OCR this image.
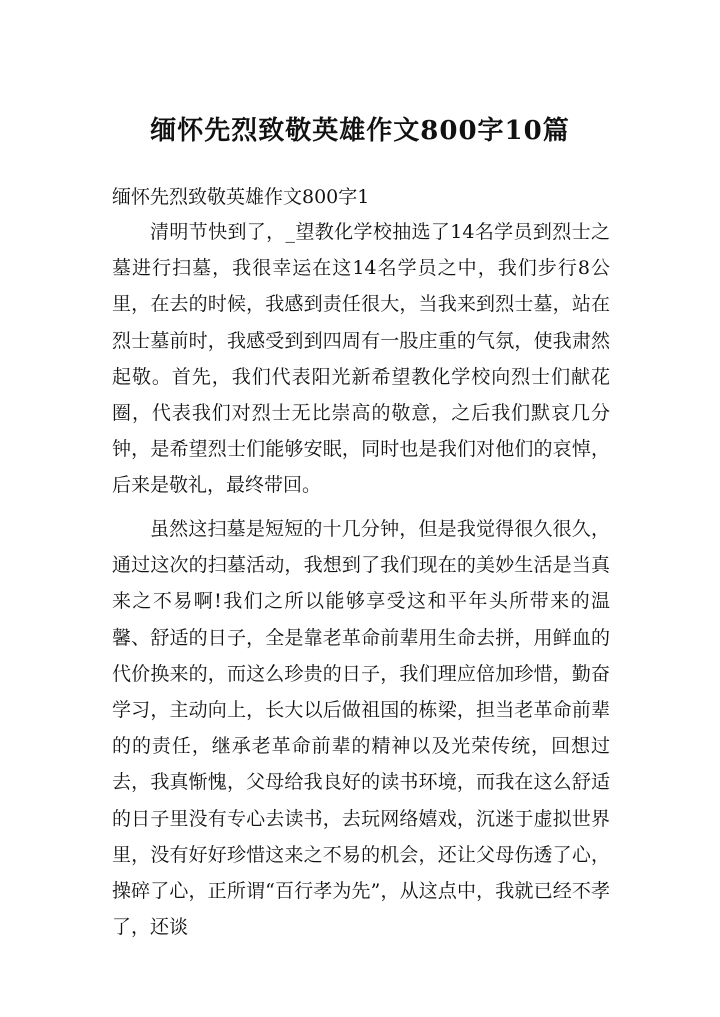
缅怀先烈致敬英雄作文800字10篇
缅怀先烈致敬英雄作文800字1

清明节快到了，_望教化学校抽选了14名学员到烈士之墓进行扫墓，我很幸运在这14名学员之中，我们步行8公里，在去的时候，我感到责任很大，当我来到烈士墓，站在烈士墓前时，我感受到到四周有一股庄重的气氛，使我肃然起敬。首先，我们代表阳光新希望教化学校向烈士们献花圈，代表我们对烈士无比崇高的敬意，之后我们默哀几分钟，是希望烈士们能够安眠，同时也是我们对他们的哀悼，后来是敬礼，最终带回。

虽然这扫墓是短短的十几分钟，但是我觉得很久很久，通过这次的扫墓活动，我想到了我们现在的美妙生活是当真来之不易啊!我们之所以能够享受这和平年头所带来的温馨、舒适的日子，全是靠老革命前辈用生命去拼，用鲜血的代价换来的，而这么珍贵的日子，我们理应倍加珍惜，勤奋学习，主动向上，长大以后做祖国的栋梁，担当老革命前辈的的责任，继承老革命前辈的精神以及光荣传统，回想过去，我真惭愧，父母给我良好的读书环境，而我在这么舒适的日子里没有专心去读书，去玩网络嬉戏，沉迷于虚拟世界里，没有好好珍惜这来之不易的机会，还让父母伤透了心，操碎了心，正所谓“百行孝为先”，从这点中，我就已经不孝了，还谈
